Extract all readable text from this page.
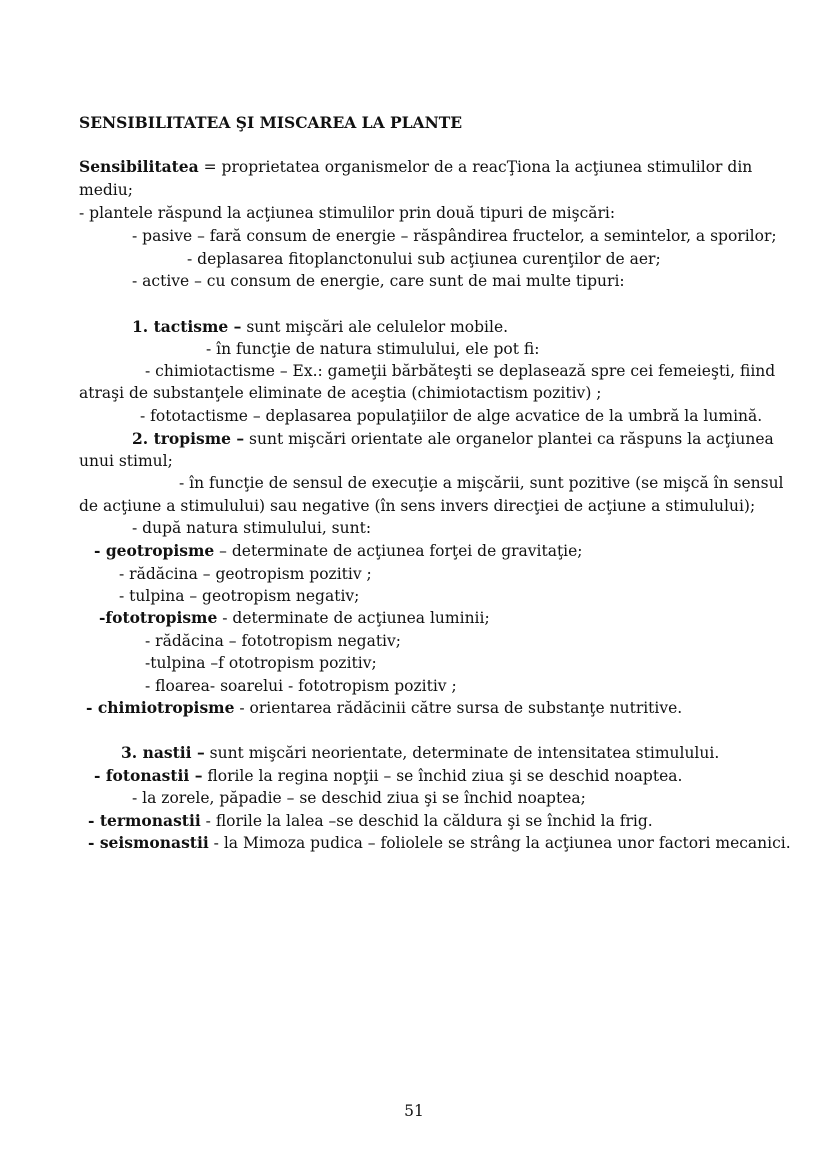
SENSIBILITATEA ŞI MISCAREA LA PLANTE
Sensibilitatea = proprietatea organismelor de a reacŢiona la acţiunea stimulilor din
mediu;
- plantele răspund la acţiunea stimulilor prin două tipuri de mişcări:
- pasive – fară consum de energie – răspândirea fructelor, a semintelor, a sporilor;
- deplasarea fitoplanctonului sub acţiunea curenţilor de aer;
- active – cu consum de energie, care sunt de mai multe tipuri:
1. tactisme – sunt mişcări ale celulelor mobile.
- în funcţie de natura stimulului, ele pot fi:
- chimiotactisme – Ex.: gameţii bărbăteşti se deplasează spre cei femeieşti, fiind
atraşi de substanţele eliminate de aceştia (chimiotactism pozitiv) ;
- fototactisme – deplasarea populaţiilor de alge acvatice de la umbră la lumină.
2. tropisme – sunt mişcări orientate ale organelor plantei ca răspuns la acţiunea
unui stimul;
- în funcţie de sensul de execuţie a mişcării, sunt pozitive (se mişcă în sensul
de acţiune a stimulului) sau negative (în sens invers direcţiei de acţiune a stimulului);
- după natura stimulului, sunt:
- geotropisme – determinate de acţiunea forţei de gravitaţie;
- rădăcina – geotropism pozitiv ;
- tulpina – geotropism negativ;
-fototropisme - determinate de acţiunea luminii;
- rădăcina – fototropism negativ;
-tulpina –f ototropism pozitiv;
- floarea- soarelui - fototropism pozitiv ;
- chimiotropisme - orientarea rădăcinii către sursa de substanţe nutritive.
3. nastii – sunt mişcări neorientate, determinate de intensitatea stimulului.
- fotonastii – florile la regina nopţii – se închid ziua şi se deschid noaptea.
- la zorele, păpadie – se deschid ziua şi se închid noaptea;
- termonastii - florile la lalea –se deschid la căldura şi se închid la frig.
- seismonastii - la Mimoza pudica – foliolele se strâng la acţiunea unor factori mecanici.
51
